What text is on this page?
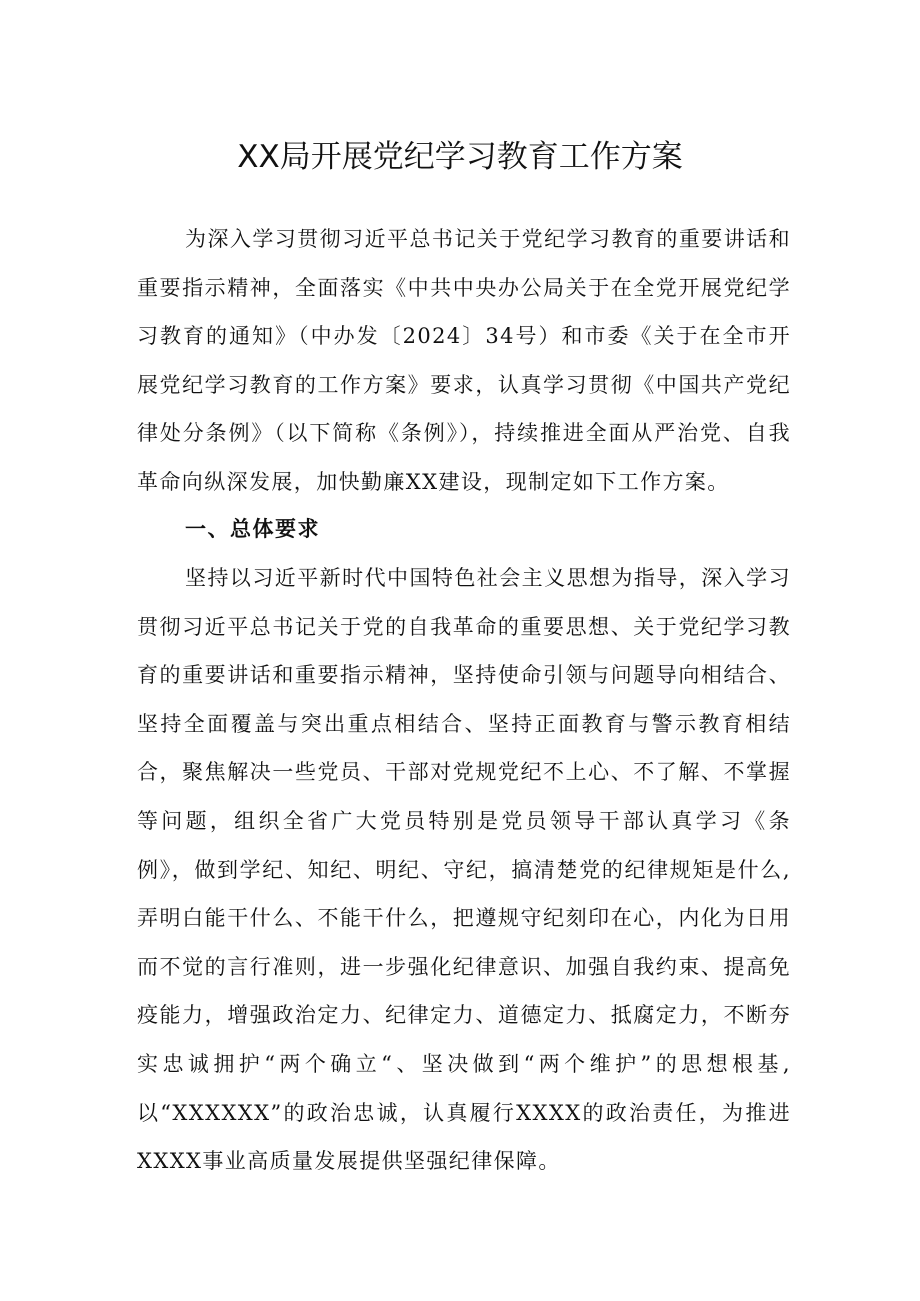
XX局开展党纪学习教育工作方案

为深入学习贯彻习近平总书记关于党纪学习教育的重要讲话和重要指示精神，全面落实《中共中央办公局关于在全党开展党纪学习教育的通知》（中办发〔2024〕34号）和市委《关于在全市开展党纪学习教育的工作方案》要求，认真学习贯彻《中国共产党纪律处分条例》（以下简称《条例》），持续推进全面从严治党、自我革命向纵深发展，加快勤廉XX建设，现制定如下工作方案。

一、总体要求

坚持以习近平新时代中国特色社会主义思想为指导，深入学习贯彻习近平总书记关于党的自我革命的重要思想、关于党纪学习教育的重要讲话和重要指示精神，坚持使命引领与问题导向相结合、坚持全面覆盖与突出重点相结合、坚持正面教育与警示教育相结合，聚焦解决一些党员、干部对党规党纪不上心、不了解、不掌握等问题，组织全省广大党员特别是党员领导干部认真学习《条例》，做到学纪、知纪、明纪、守纪，搞清楚党的纪律规矩是什么,弄明白能干什么、不能干什么，把遵规守纪刻印在心，内化为日用而不觉的言行准则，进一步强化纪律意识、加强自我约束、提高免疫能力，增强政治定力、纪律定力、道德定力、抵腐定力，不断夯实忠诚拥护“两个确立“、坚决做到“两个维护”的思想根基,以“XXXXXX”的政治忠诚，认真履行XXXX的政治责任，为推进XXXX事业高质量发展提供坚强纪律保障。
